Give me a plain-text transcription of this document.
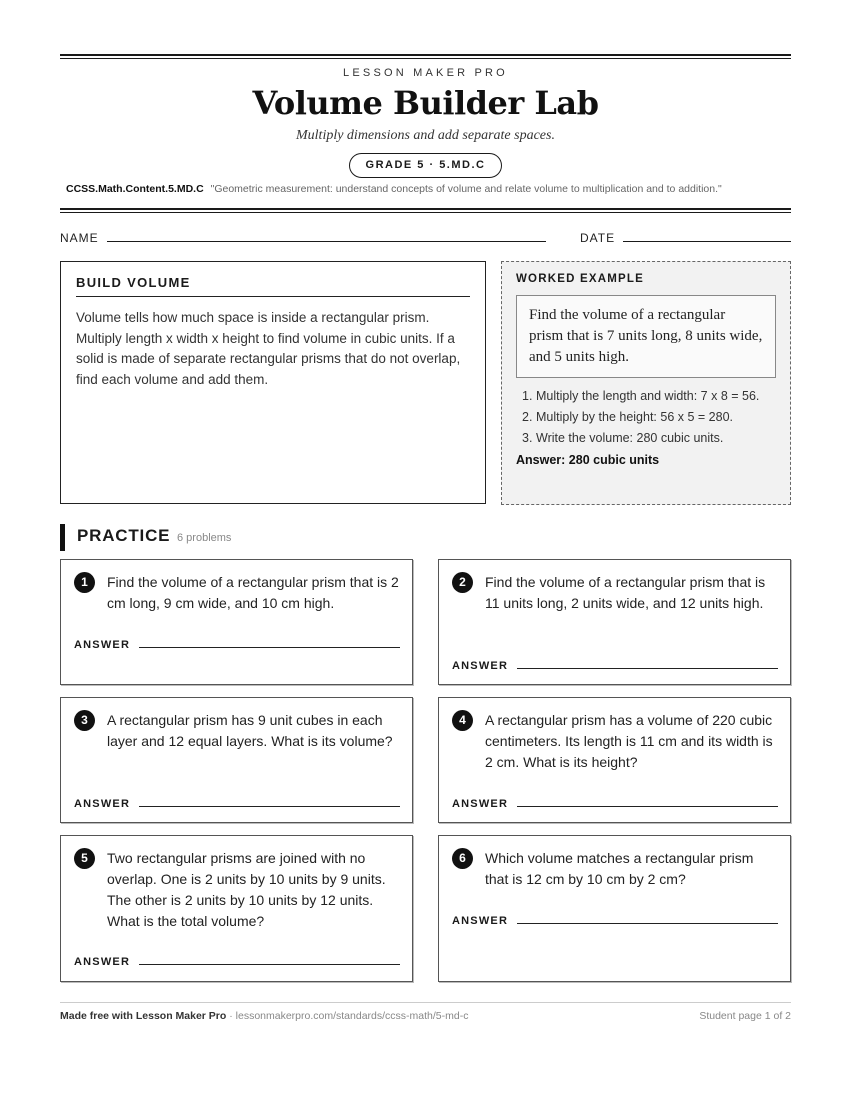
LESSON MAKER PRO
Volume Builder Lab
Multiply dimensions and add separate spaces.
GRADE 5 · 5.MD.C
CCSS.Math.Content.5.MD.C "Geometric measurement: understand concepts of volume and relate volume to multiplication and to addition."
NAME	DATE
BUILD VOLUME
Volume tells how much space is inside a rectangular prism. Multiply length x width x height to find volume in cubic units. If a solid is made of separate rectangular prisms that do not overlap, find each volume and add them.
WORKED EXAMPLE
Find the volume of a rectangular prism that is 7 units long, 8 units wide, and 5 units high.
1. Multiply the length and width: 7 x 8 = 56.
2. Multiply by the height: 56 x 5 = 280.
3. Write the volume: 280 cubic units.
Answer: 280 cubic units
PRACTICE 6 problems
1	Find the volume of a rectangular prism that is 2 cm long, 9 cm wide, and 10 cm high.
ANSWER
2	Find the volume of a rectangular prism that is 11 units long, 2 units wide, and 12 units high.
ANSWER
3	A rectangular prism has 9 unit cubes in each layer and 12 equal layers. What is its volume?
ANSWER
4	A rectangular prism has a volume of 220 cubic centimeters. Its length is 11 cm and its width is 2 cm. What is its height?
ANSWER
5	Two rectangular prisms are joined with no overlap. One is 2 units by 10 units by 9 units. The other is 2 units by 10 units by 12 units. What is the total volume?
ANSWER
6	Which volume matches a rectangular prism that is 12 cm by 10 cm by 2 cm?
ANSWER
Made free with Lesson Maker Pro · lessonmakerpro.com/standards/ccss-math/5-md-c	Student page 1 of 2
